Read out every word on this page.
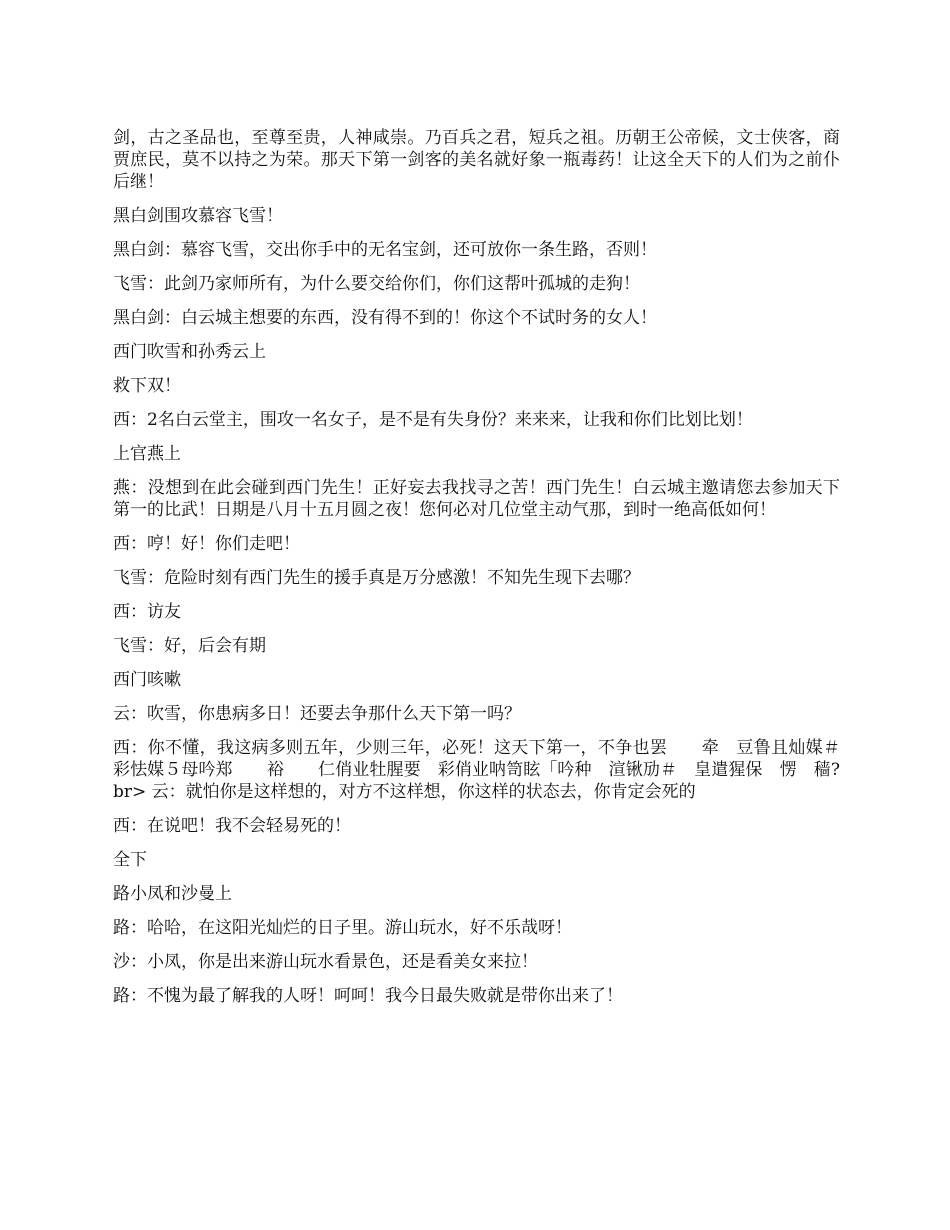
剑，古之圣品也，至尊至贵，人神咸崇。乃百兵之君，短兵之祖。历朝王公帝候，文士侠客，商贾庶民，莫不以持之为荣。那天下第一剑客的美名就好象一瓶毒药！让这全天下的人们为之前仆后继！

黑白剑围攻慕容飞雪！

黑白剑：慕容飞雪，交出你手中的无名宝剑，还可放你一条生路，否则！

飞雪：此剑乃家师所有，为什么要交给你们，你们这帮叶孤城的走狗！

黑白剑：白云城主想要的东西，没有得不到的！你这个不试时务的女人！

西门吹雪和孙秀云上

救下双！

西：2名白云堂主，围攻一名女子，是不是有失身份？来来来，让我和你们比划比划！

上官燕上

燕：没想到在此会碰到西门先生！正好妄去我找寻之苦！西门先生！白云城主邀请您去参加天下第一的比武！日期是八月十五月圆之夜！您何必对几位堂主动气那，到时一绝高低如何！

西：哼！好！你们走吧！

飞雪：危险时刻有西门先生的援手真是万分感激！不知先生现下去哪？

西：访友

飞雪：好，后会有期

西门咳嗽

云：吹雪，你患病多日！还要去争那什么天下第一吗？

西：你不懂，我这病多则五年，少则三年，必死！这天下第一，不争也罢　　牵　豆鲁且灿媒＃　彩怯媒５母吟郑　　裕　　仁俏业牡腥要　彩俏业呐笥眩「吟种　渲锹劢＃　皇遣猩保　愣　穑?br> 云：就怕你是这样想的，对方不这样想，你这样的状态去，你肯定会死的

西：在说吧！我不会轻易死的！

全下

路小凤和沙曼上

路：哈哈，在这阳光灿烂的日子里。游山玩水，好不乐哉呀！

沙：小凤，你是出来游山玩水看景色，还是看美女来拉！

路：不愧为最了解我的人呀！呵呵！我今日最失败就是带你出来了！
